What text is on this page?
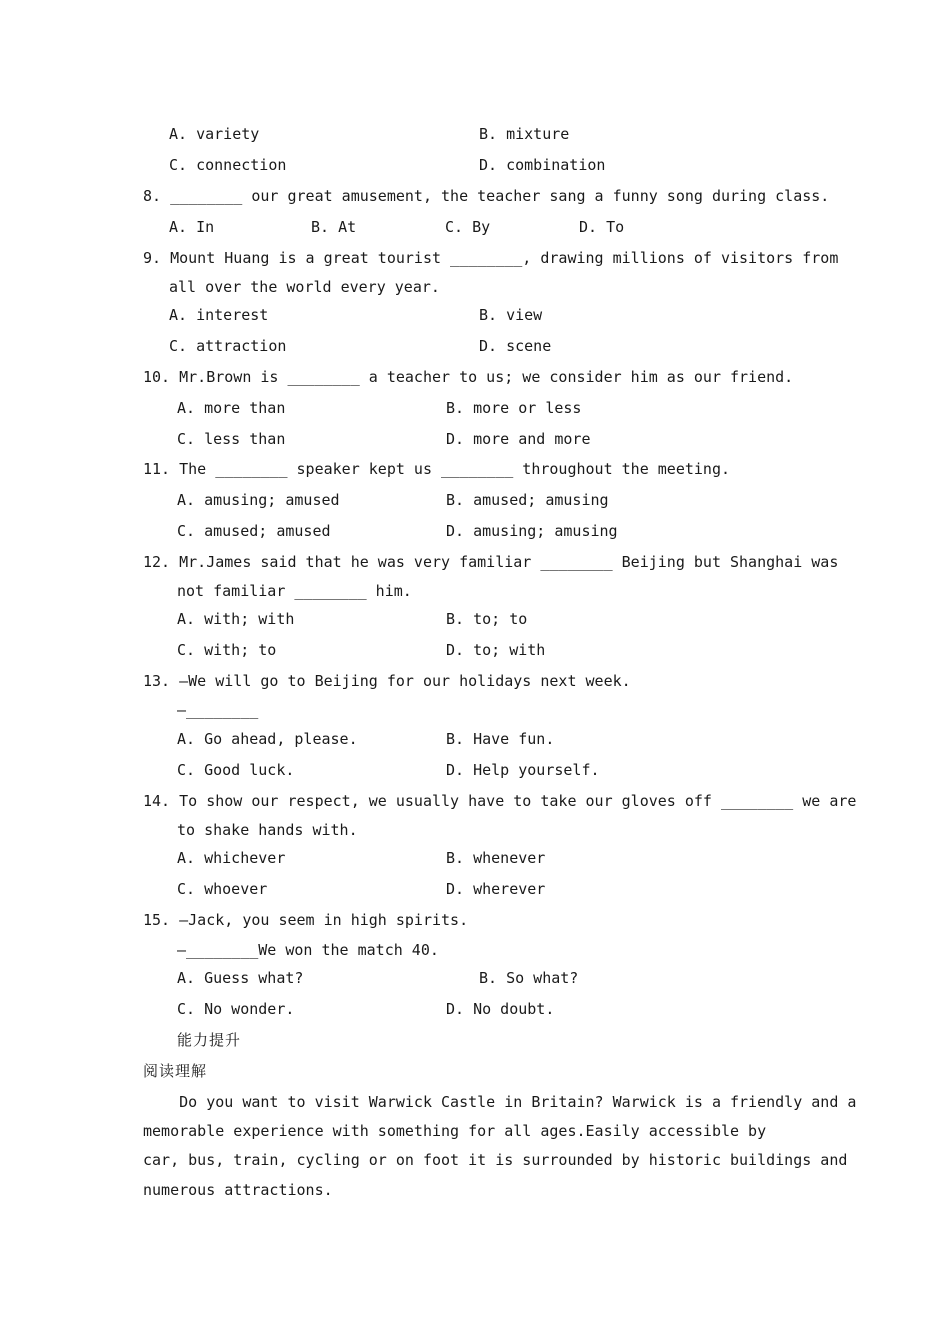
A. variety	B. mixture
C. connection	D. combination
8. ________ our great amusement, the teacher sang a funny song during class.
A. In	B. At	C. By	D. To
9. Mount Huang is a great tourist ________, drawing millions of visitors from
all over the world every year.
A. interest	B. view
C. attraction	D. scene
10. Mr.Brown is ________ a teacher to us; we consider him as our friend.
A. more than	B. more or less
C. less than	D. more and more
11. The ________ speaker kept us ________ throughout the meeting.
A. amusing; amused	B. amused; amusing
C. amused; amused	D. amusing; amusing
12. Mr.James said that he was very familiar ________ Beijing but Shanghai was
not familiar ________ him.
A. with; with	B. to; to
C. with; to	D. to; with
13. —We will go to Beijing for our holidays next week.
—________
A. Go ahead, please.	B. Have fun.
C. Good luck.	D. Help yourself.
14. To show our respect, we usually have to take our gloves off ________ we are
to shake hands with.
A. whichever	B. whenever
C. whoever	D. wherever
15. —Jack, you seem in high spirits.
—________We won the match 40.
A. Guess what?	B. So what?
C. No wonder.	D. No doubt.
能力提升
阅读理解
Do you want to visit Warwick Castle in Britain? Warwick is a friendly and a
memorable experience with something for all ages.Easily accessible by
car, bus, train, cycling or on foot it is surrounded by historic buildings and
numerous attractions.
